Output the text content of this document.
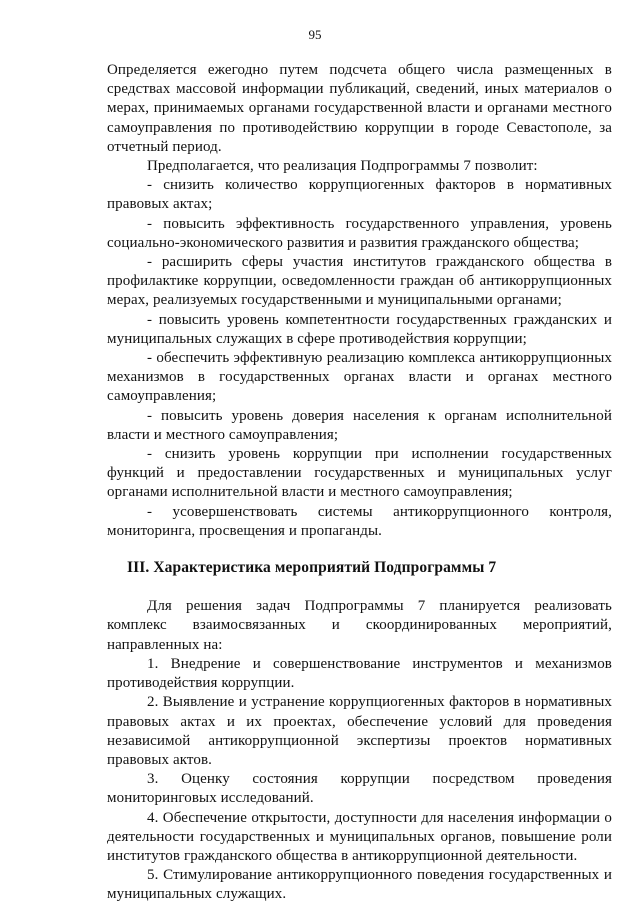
95

Определяется ежегодно путем подсчета общего числа размещенных в средствах массовой информации публикаций, сведений, иных материалов о мерах, принимаемых органами государственной власти и органами местного самоуправления по противодействию коррупции в городе Севастополе, за отчетный период.

Предполагается, что реализация Подпрограммы 7 позволит:

- снизить количество коррупциогенных факторов в нормативных правовых актах;

- повысить эффективность государственного управления, уровень социально-экономического развития и развития гражданского общества;

- расширить сферы участия институтов гражданского общества в профилактике коррупции, осведомленности граждан об антикоррупционных мерах, реализуемых государственными и муниципальными органами;

- повысить уровень компетентности государственных гражданских и муниципальных служащих в сфере противодействия коррупции;

- обеспечить эффективную реализацию комплекса антикоррупционных механизмов в государственных органах власти и органах местного самоуправления;

- повысить уровень доверия населения к органам исполнительной власти и местного самоуправления;

- снизить уровень коррупции при исполнении государственных функций и предоставлении государственных и муниципальных услуг органами исполнительной власти и местного самоуправления;

- усовершенствовать системы антикоррупционного контроля, мониторинга, просвещения и пропаганды.

III. Характеристика мероприятий Подпрограммы 7

Для решения задач Подпрограммы 7 планируется реализовать комплекс взаимосвязанных и скоординированных мероприятий, направленных на:

1. Внедрение и совершенствование инструментов и механизмов противодействия коррупции.

2. Выявление и устранение коррупциогенных факторов в нормативных правовых актах и их проектах, обеспечение условий для проведения независимой антикоррупционной экспертизы проектов нормативных правовых актов.

3. Оценку состояния коррупции посредством проведения мониторинговых исследований.

4. Обеспечение открытости, доступности для населения информации о деятельности государственных и муниципальных органов, повышение роли институтов гражданского общества в антикоррупционной деятельности.

5. Стимулирование антикоррупционного поведения государственных и муниципальных служащих.
